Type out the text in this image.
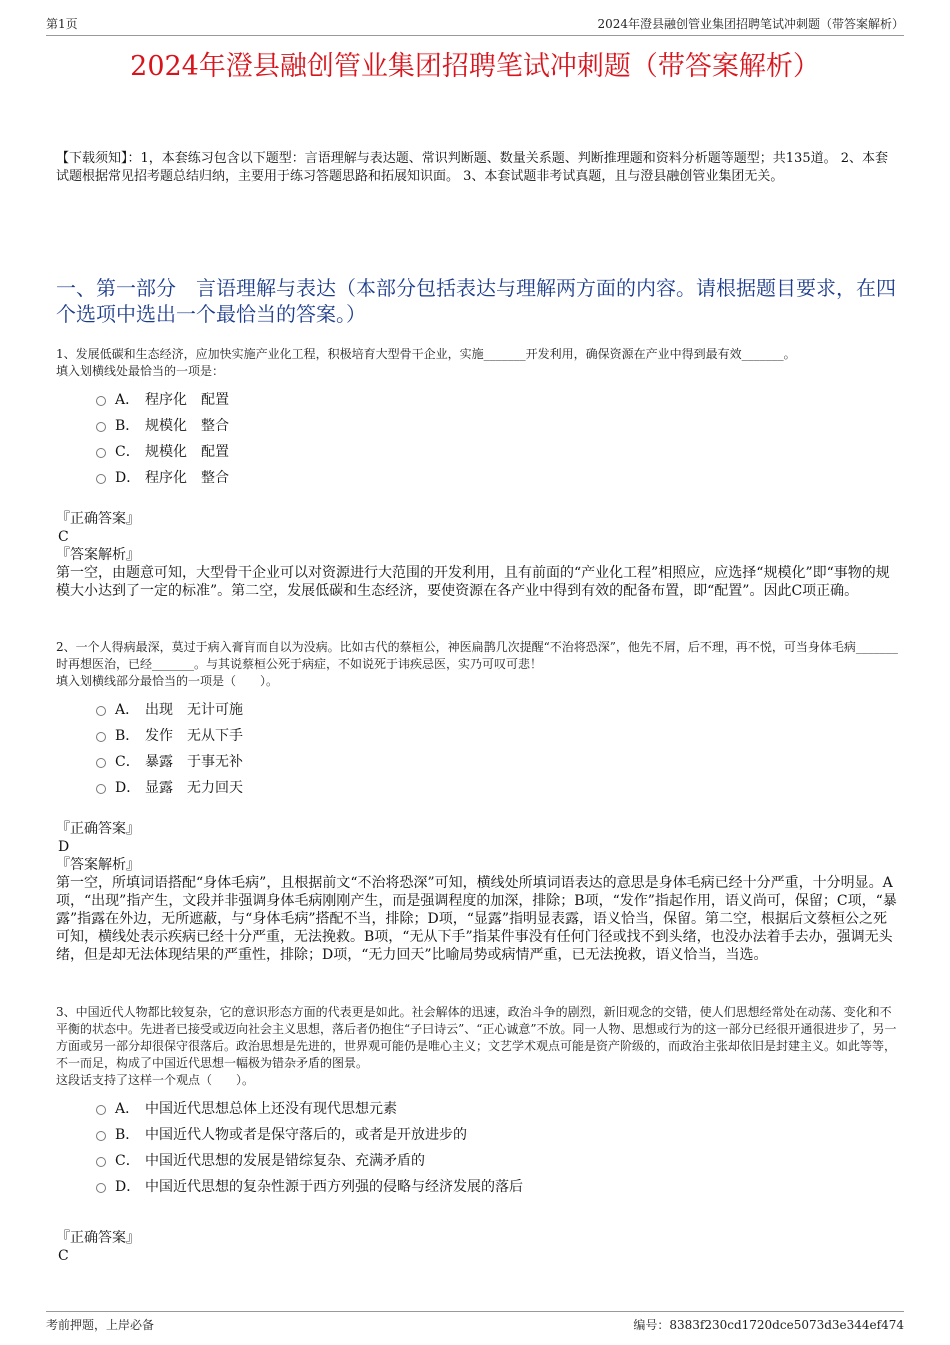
第1页	2024年澄县融创管业集团招聘笔试冲刺题（带答案解析）
2024年澄县融创管业集团招聘笔试冲刺题（带答案解析）
【下载须知】：1，本套练习包含以下题型：言语理解与表达题、常识判断题、数量关系题、判断推理题和资料分析题等题型；共135道。 2、本套试题根据常见招考题总结归纳，主要用于练习答题思路和拓展知识面。 3、本套试题非考试真题，且与澄县融创管业集团无关。
一、第一部分　言语理解与表达（本部分包括表达与理解两方面的内容。请根据题目要求，在四个选项中选出一个最恰当的答案。）
1、发展低碳和生态经济，应加快实施产业化工程，积极培育大型骨干企业，实施_______开发利用，确保资源在产业中得到最有效_______。
填入划横线处最恰当的一项是：
A． 程序化　配置
B． 规模化　整合
C． 规模化　配置
D． 程序化　整合
『正确答案』
C
『答案解析』
第一空，由题意可知，大型骨干企业可以对资源进行大范围的开发利用，且有前面的“产业化工程”相照应，应选择“规模化”即“事物的规模大小达到了一定的标准”。第二空，发展低碳和生态经济，要使资源在各产业中得到有效的配备布置，即“配置”。因此C项正确。
2、一个人得病最深，莫过于病入膏肓而自以为没病。比如古代的蔡桓公，神医扁鹊几次提醒“不治将恐深”，他先不屑，后不理，再不悦，可当身体毛病_______时再想医治，已经_______。与其说蔡桓公死于病症，不如说死于讳疾忌医，实乃可叹可悲！
填入划横线部分最恰当的一项是（　　）。
A． 出现　无计可施
B． 发作　无从下手
C． 暴露　于事无补
D． 显露　无力回天
『正确答案』
D
『答案解析』
第一空，所填词语搭配“身体毛病”，且根据前文“不治将恐深”可知，横线处所填词语表达的意思是身体毛病已经十分严重，十分明显。A项，“出现”指产生，文段并非强调身体毛病刚刚产生，而是强调程度的加深，排除；B项，“发作”指起作用，语义尚可，保留；C项，“暴露”指露在外边，无所遮蔽，与“身体毛病”搭配不当，排除；D项，“显露”指明显表露，语义恰当，保留。第二空，根据后文蔡桓公之死可知，横线处表示疾病已经十分严重，无法挽救。B项，“无从下手”指某件事没有任何门径或找不到头绪，也没办法着手去办，强调无头绪，但是却无法体现结果的严重性，排除；D项，“无力回天”比喻局势或病情严重，已无法挽救，语义恰当，当选。
3、中国近代人物都比较复杂，它的意识形态方面的代表更是如此。社会解体的迅速，政治斗争的剧烈，新旧观念的交错，使人们思想经常处在动荡、变化和不平衡的状态中。先进者已接受或迈向社会主义思想，落后者仍抱住“子曰诗云”、“正心诚意”不放。同一人物、思想或行为的这一部分已经很开通很进步了，另一方面或另一部分却很保守很落后。政治思想是先进的，世界观可能仍是唯心主义；文艺学术观点可能是资产阶级的，而政治主张却依旧是封建主义。如此等等，不一而足，构成了中国近代思想一幅极为错杂矛盾的图景。
这段话支持了这样一个观点（　　）。
A． 中国近代思想总体上还没有现代思想元素
B． 中国近代人物或者是保守落后的，或者是开放进步的
C． 中国近代思想的发展是错综复杂、充满矛盾的
D． 中国近代思想的复杂性源于西方列强的侵略与经济发展的落后
『正确答案』
C
考前押题，上岸必备	编号：8383f230cd1720dce5073d3e344ef474
